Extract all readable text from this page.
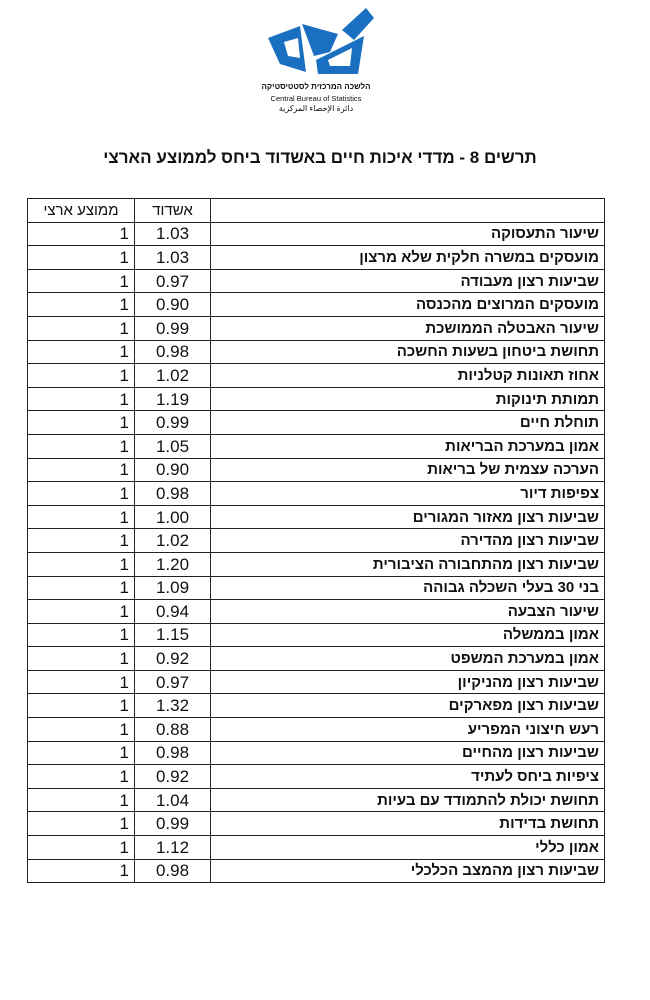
הלשכה המרכזית לסטטיסטיקה
Central Bureau of Statistics
دائرة الإحصاء المركزية
תרשים 8 - מדדי איכות חיים באשדוד ביחס לממוצע הארצי
ממוצע ארצי	אשדוד	
1	1.03	שיעור התעסוקה
1	1.03	מועסקים במשרה חלקית שלא מרצון
1	0.97	שביעות רצון מעבודה
1	0.90	מועסקים המרוצים מהכנסה
1	0.99	שיעור האבטלה הממושכת
1	0.98	תחושת ביטחון בשעות החשכה
1	1.02	אחוז תאונות קטלניות
1	1.19	תמותת תינוקות
1	0.99	תוחלת חיים
1	1.05	אמון במערכת הבריאות
1	0.90	הערכה עצמית של בריאות
1	0.98	צפיפות דיור
1	1.00	שביעות רצון מאזור המגורים
1	1.02	שביעות רצון מהדירה
1	1.20	שביעות רצון מהתחבורה הציבורית
1	1.09	בני 30 בעלי השכלה גבוהה
1	0.94	שיעור הצבעה
1	1.15	אמון בממשלה
1	0.92	אמון במערכת המשפט
1	0.97	שביעות רצון מהניקיון
1	1.32	שביעות רצון מפארקים
1	0.88	רעש חיצוני המפריע
1	0.98	שביעות רצון מהחיים
1	0.92	ציפיות ביחס לעתיד
1	1.04	תחושת יכולת להתמודד עם בעיות
1	0.99	תחושת בדידות
1	1.12	אמון כללי
1	0.98	שביעות רצון מהמצב הכלכלי
